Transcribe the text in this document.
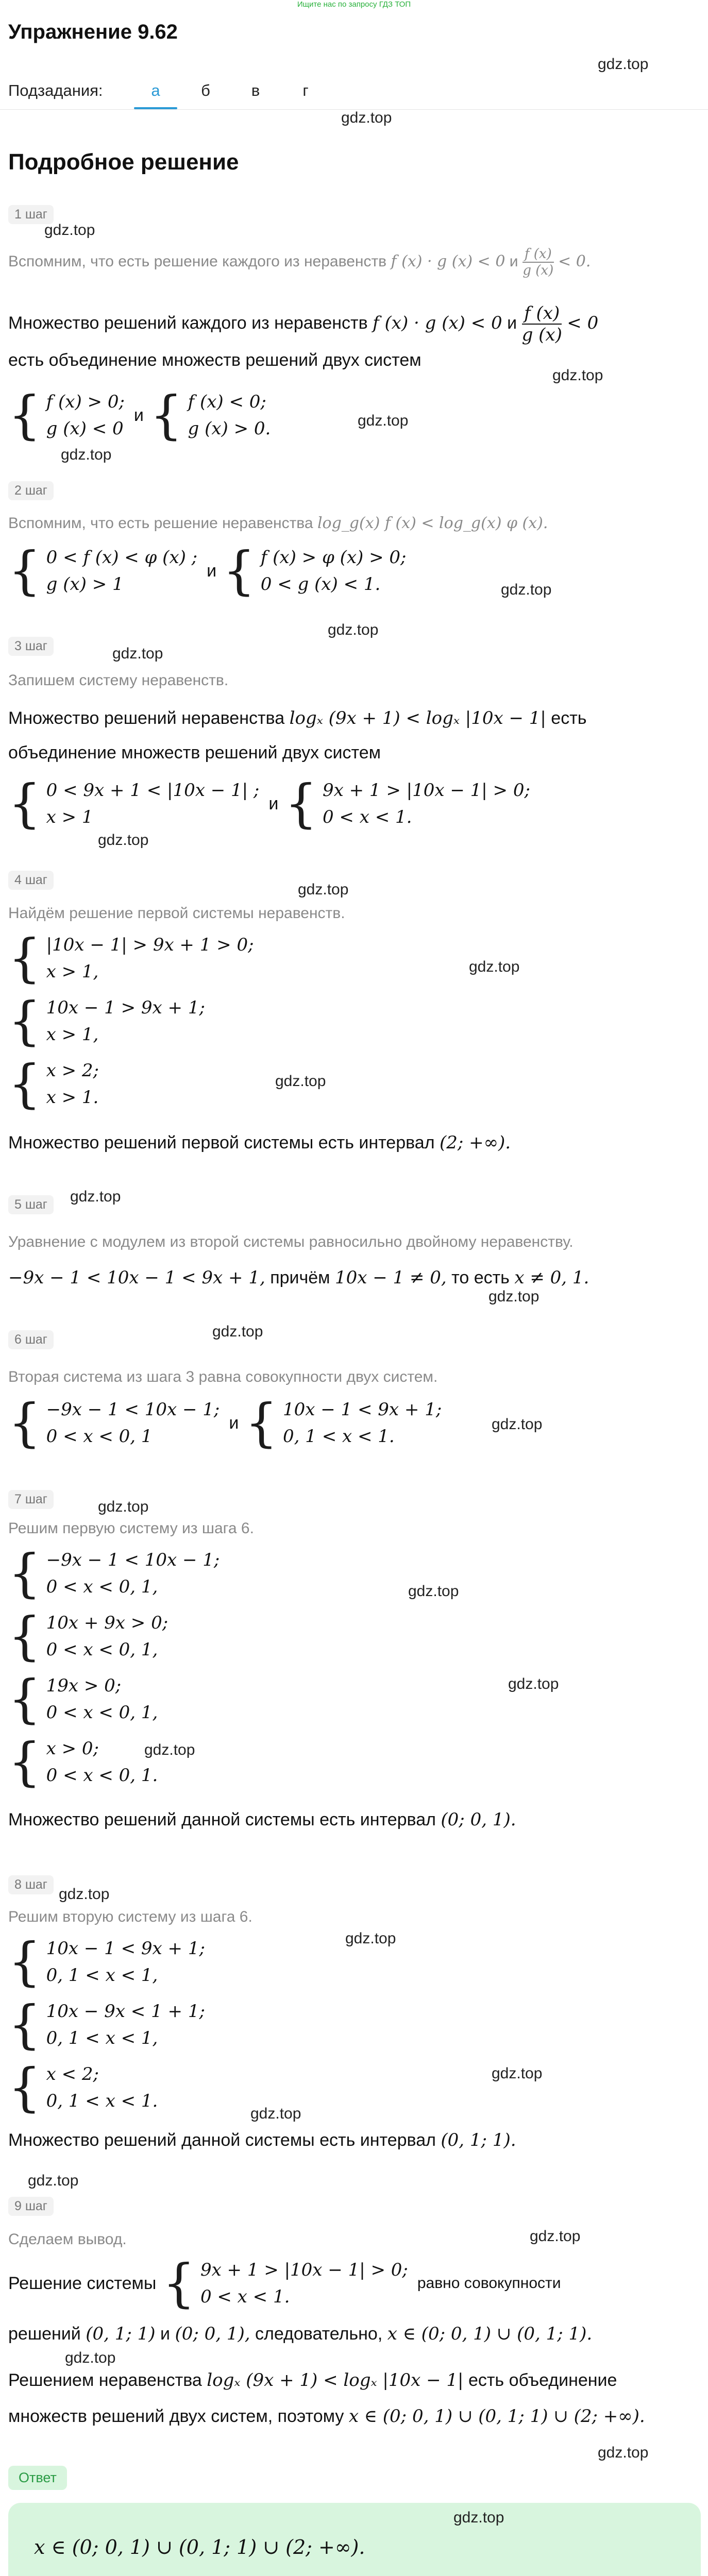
Ищите нас по запросу ГДЗ ТОП
Упражнение 9.62
gdz.top
Подзадания:	а	б	в	г
gdz.top
Подробное решение
1 шаг
gdz.top
Вспомним, что есть решение каждого из неравенств f (x) · g (x) < 0 и $\frac{f (x)}{g (x)} < 0$.
Множество решений каждого из неравенств f (x) · g (x) < 0 и $\frac{f (x)}{g (x)} < 0$
есть объединение множеств решений двух систем
gdz.top
{ f (x) > 0;
g (x) < 0
и { f (x) < 0;
g (x) > 0.	gdz.top
gdz.top
2 шаг
Вспомним, что есть решение неравенства log_g(x) f (x) < log_g(x) φ (x).
{ 0 < f (x) < φ (x) ;
g (x) > 1
и { f (x) > φ (x) > 0;
0 < g (x) < 1.	gdz.top
gdz.top
3 шаг	gdz.top
Запишем систему неравенств.
Множество решений неравенства logₓ (9x + 1) < logₓ |10x − 1| есть
объединение множеств решений двух систем
{ 0 < 9x + 1 < |10x − 1| ;
x > 1
и { 9x + 1 > |10x − 1| > 0;
0 < x < 1.
gdz.top
4 шаг
gdz.top
Найдём решение первой системы неравенств.
{ |10x − 1| > 9x + 1 > 0;
x > 1,	gdz.top
{ 10x − 1 > 9x + 1;
x > 1,
{ x > 2;
x > 1.
gdz.top
Множество решений первой системы есть интервал (2; +∞).
5 шаг	gdz.top
Уравнение с модулем из второй системы равносильно двойному неравенству.
−9x − 1 < 10x − 1 < 9x + 1, причём 10x − 1 ≠ 0, то есть x ≠ 0, 1.
gdz.top
6 шаг	gdz.top
Вторая система из шага 3 равна совокупности двух систем.
{ −9x − 1 < 10x − 1;
0 < x < 0, 1
и { 10x − 1 < 9x + 1;
0, 1 < x < 1.
gdz.top
7 шаг	gdz.top
Решим первую систему из шага 6.
{ −9x − 1 < 10x − 1;
0 < x < 0, 1,	gdz.top
{ 10x + 9x > 0;
0 < x < 0, 1,
{ 19x > 0;
0 < x < 0, 1,
gdz.top
{ x > 0;
0 < x < 0, 1.
gdz.top
Множество решений данной системы есть интервал (0; 0, 1).
8 шаг
gdz.top
Решим вторую систему из шага 6.
gdz.top
{ 10x − 1 < 9x + 1;
0, 1 < x < 1,
{ 10x − 9x < 1 + 1;
0, 1 < x < 1,
{ x < 2;
0, 1 < x < 1.
gdz.top
gdz.top
Множество решений данной системы есть интервал (0, 1; 1).
gdz.top
9 шаг
Сделаем вывод.	gdz.top
Решение системы { 9x + 1 > |10x − 1| > 0;
0 < x < 1.
равно совокупности
решений (0, 1; 1) и (0; 0, 1), следовательно, x ∈ (0; 0, 1) ∪ (0, 1; 1).
gdz.top
Решением неравенства logₓ (9x + 1) < logₓ |10x − 1| есть объединение
множеств решений двух систем, поэтому x ∈ (0; 0, 1) ∪ (0, 1; 1) ∪ (2; +∞).
gdz.top
Ответ
gdz.top
x ∈ (0; 0, 1) ∪ (0, 1; 1) ∪ (2; +∞).
